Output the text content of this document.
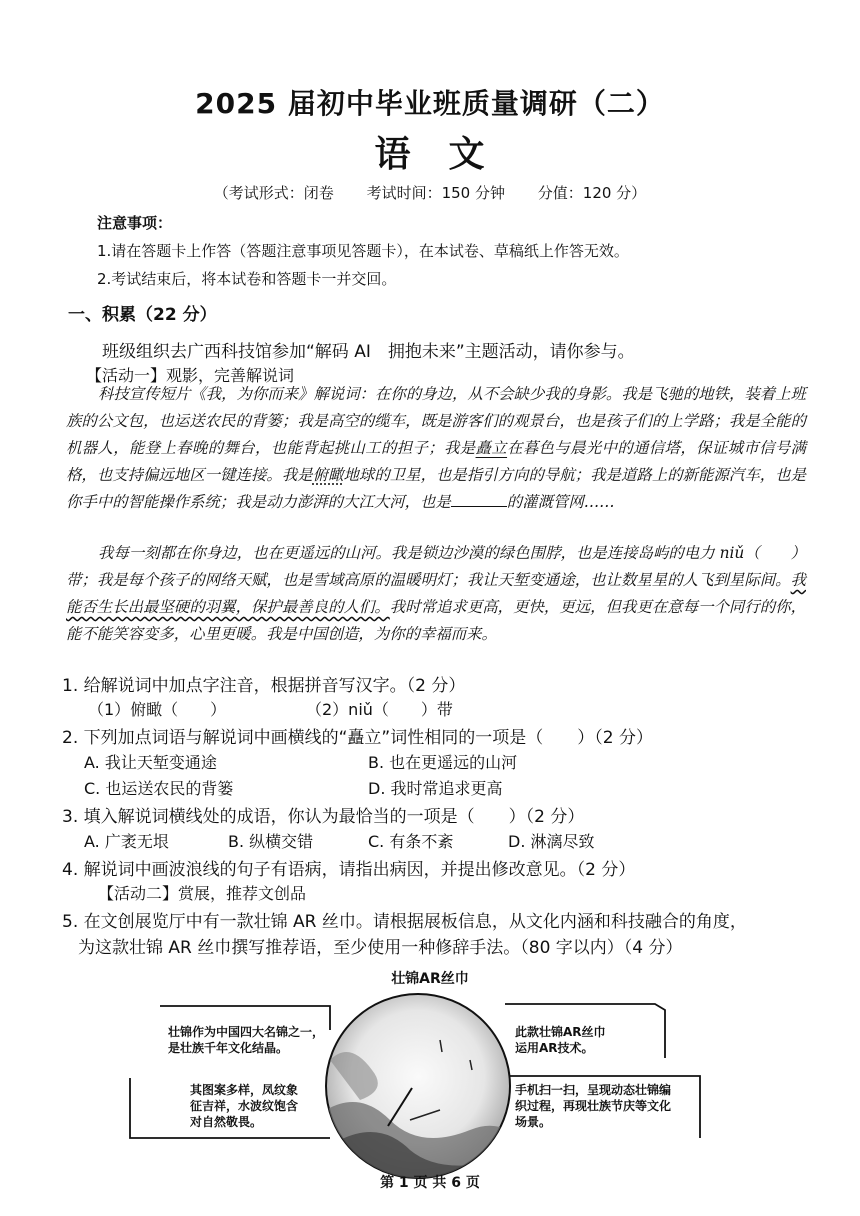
2025 届初中毕业班质量调研（二）
语　文
（考试形式：闭卷 考试时间：150 分钟 分值：120 分）
注意事项：
1.请在答题卡上作答（答题注意事项见答题卡），在本试卷、草稿纸上作答无效。
2.考试结束后，将本试卷和答题卡一并交回。
一、积累（22 分）
班级组织去广西科技馆参加“解码 AI　拥抱未来”主题活动，请你参与。
【活动一】观影，完善解说词
科技宣传短片《我，为你而来》解说词：在你的身边，从不会缺少我的身影。我是飞驰的地铁，装着上班族的公文包，也运送农民的背篓；我是高空的缆车，既是游客们的观景台，也是孩子们的上学路；我是全能的机器人，能登上春晚的舞台，也能背起挑山工的担子；我是矗立在暮色与晨光中的通信塔，保证城市信号满格，也支持偏远地区一键连接。我是俯瞰地球的卫星，也是指引方向的导航；我是道路上的新能源汽车，也是你手中的智能操作系统；我是动力澎湃的大江大河，也是	的灌溉管网……
我每一刻都在你身边，也在更遥远的山河。我是锁边沙漠的绿色围脖，也是连接岛屿的电力 niǔ（　　）带；我是每个孩子的网络天赋，也是雪域高原的温暖明灯；我让天堑变通途，也让数星星的人飞到星际间。我能否生长出最坚硬的羽翼，保护最善良的人们。我时常追求更高，更快，更远，但我更在意每一个同行的你，能不能笑容变多，心里更暖。我是中国创造，为你的幸福而来。
1. 给解说词中加点字注音，根据拼音写汉字。（2 分）
（1）俯瞰（　　）	（2）niǔ（　　）带
2. 下列加点词语与解说词中画横线的“矗立”词性相同的一项是（　　）（2 分）
A. 我让天堑变通途	B. 也在更遥远的山河
C. 也运送农民的背篓	D. 我时常追求更高
3. 填入解说词横线处的成语，你认为最恰当的一项是（　　）（2 分）
A. 广袤无垠	B. 纵横交错	C. 有条不紊	D. 淋漓尽致
4. 解说词中画波浪线的句子有语病，请指出病因，并提出修改意见。（2 分）
【活动二】赏展，推荐文创品
5. 在文创展览厅中有一款壮锦 AR 丝巾。请根据展板信息，从文化内涵和科技融合的角度，
为这款壮锦 AR 丝巾撰写推荐语，至少使用一种修辞手法。（80 字以内）（4 分）
壮锦AR丝巾
壮锦作为中国四大名锦之一，
是壮族千年文化结晶。
其图案多样，凤纹象
征吉祥，水波纹饱含
对自然敬畏。
此款壮锦AR丝巾
运用AR技术。
手机扫一扫，呈现动态壮锦编
织过程，再现壮族节庆等文化
场景。
第 1 页 共 6 页
